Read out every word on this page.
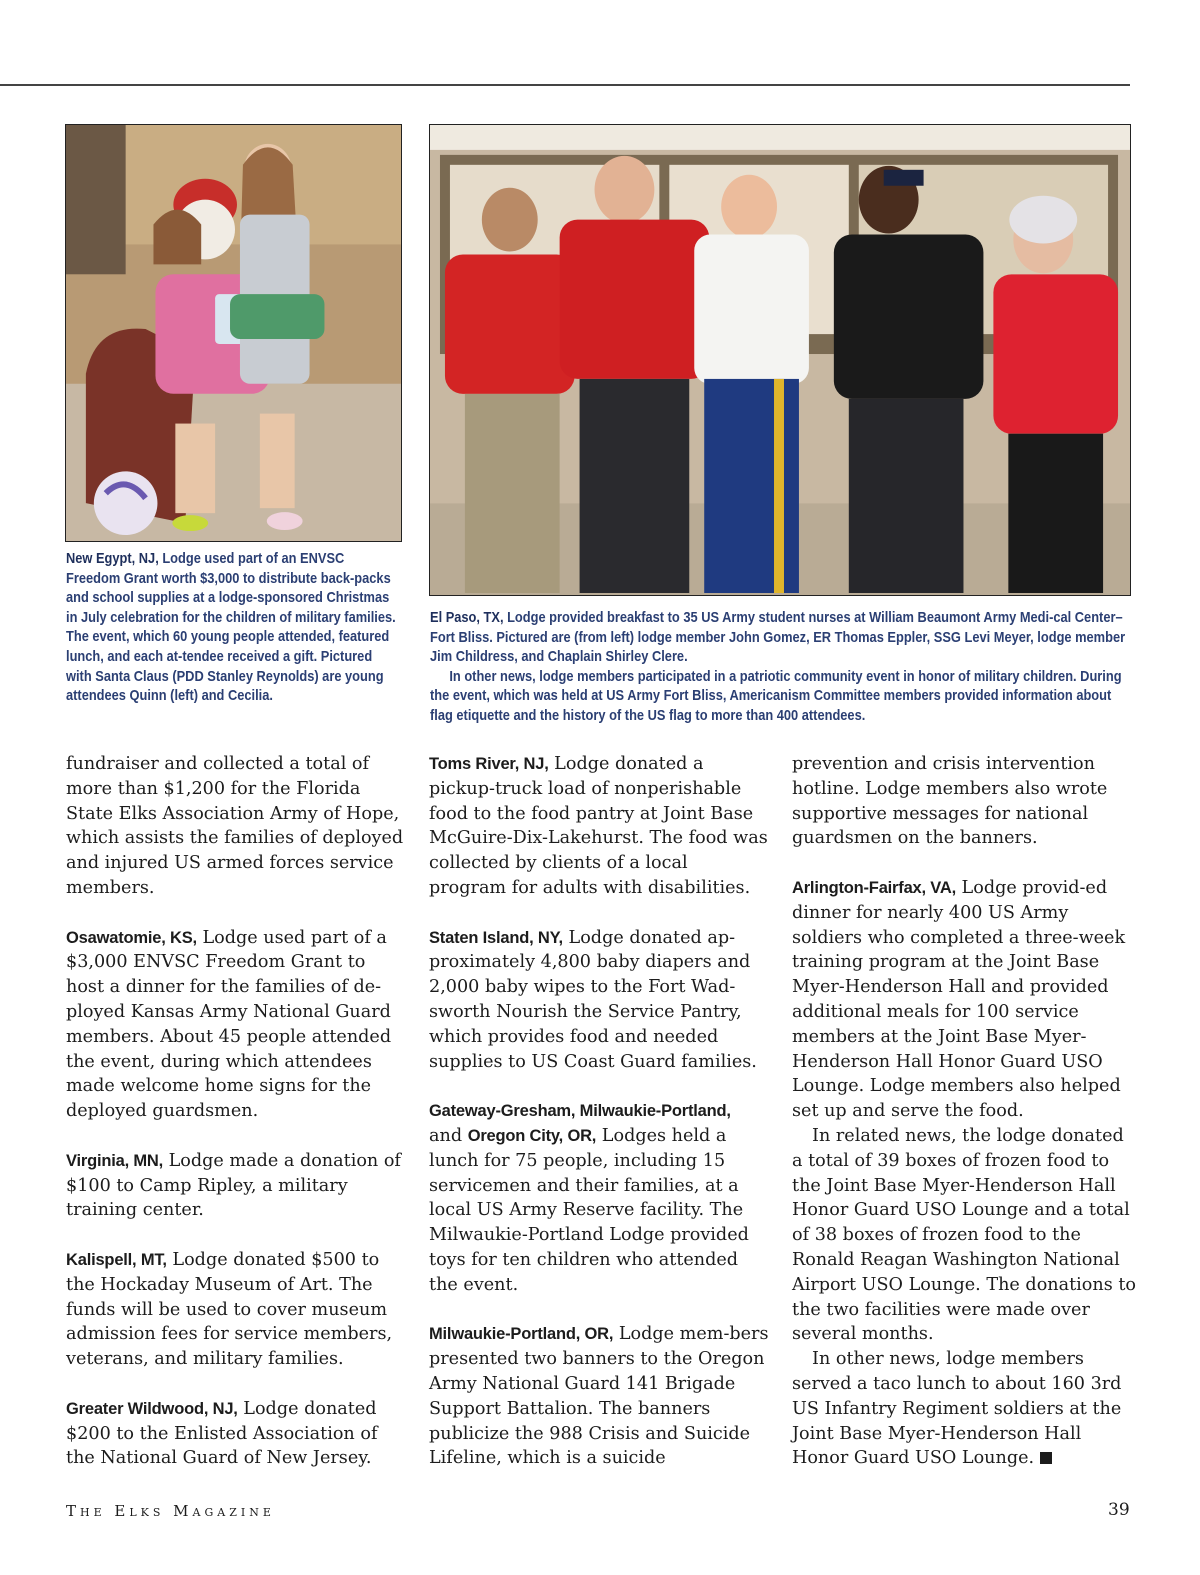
New Egypt, NJ, Lodge used part of an ENVSC Freedom Grant worth $3,000 to distribute back-packs and school supplies at a lodge-sponsored Christmas in July celebration for the children of military families. The event, which 60 young people attended, featured lunch, and each at-tendee received a gift. Pictured with Santa Claus (PDD Stanley Reynolds) are young attendees Quinn (left) and Cecilia.

El Paso, TX, Lodge provided breakfast to 35 US Army student nurses at William Beaumont Army Medi-cal Center–Fort Bliss. Pictured are (from left) lodge member John Gomez, ER Thomas Eppler, SSG Levi Meyer, lodge member Jim Childress, and Chaplain Shirley Clere.

In other news, lodge members participated in a patriotic community event in honor of military children. During the event, which was held at US Army Fort Bliss, Americanism Committee members provided information about flag etiquette and the history of the US flag to more than 400 attendees.

fundraiser and collected a total of more than $1,200 for the Florida State Elks Association Army of Hope, which assists the families of deployed and injured US armed forces service members.

Osawatomie, KS, Lodge used part of a $3,000 ENVSC Freedom Grant to host a dinner for the families of de-ployed Kansas Army National Guard members. About 45 people attended the event, during which attendees made welcome home signs for the deployed guardsmen.

Virginia, MN, Lodge made a donation of $100 to Camp Ripley, a military training center.

Kalispell, MT, Lodge donated $500 to the Hockaday Museum of Art. The funds will be used to cover museum admission fees for service members, veterans, and military families.

Greater Wildwood, NJ, Lodge donated $200 to the Enlisted Association of the National Guard of New Jersey.

Toms River, NJ, Lodge donated a pickup-truck load of nonperishable food to the food pantry at Joint Base McGuire-Dix-Lakehurst. The food was collected by clients of a local program for adults with disabilities.

Staten Island, NY, Lodge donated ap-proximately 4,800 baby diapers and 2,000 baby wipes to the Fort Wad-sworth Nourish the Service Pantry, which provides food and needed supplies to US Coast Guard families.

Gateway-Gresham, Milwaukie-Portland, and Oregon City, OR, Lodges held a lunch for 75 people, including 15 servicemen and their families, at a local US Army Reserve facility. The Milwaukie-Portland Lodge provided toys for ten children who attended the event.

Milwaukie-Portland, OR, Lodge mem-bers presented two banners to the Oregon Army National Guard 141 Brigade Support Battalion. The banners publicize the 988 Crisis and Suicide Lifeline, which is a suicide

prevention and crisis intervention hotline. Lodge members also wrote supportive messages for national guardsmen on the banners.

Arlington-Fairfax, VA, Lodge provid-ed dinner for nearly 400 US Army soldiers who completed a three-week training program at the Joint Base Myer-Henderson Hall and provided additional meals for 100 service members at the Joint Base Myer-Henderson Hall Honor Guard USO Lounge. Lodge members also helped set up and serve the food.

In related news, the lodge donated a total of 39 boxes of frozen food to the Joint Base Myer-Henderson Hall Honor Guard USO Lounge and a total of 38 boxes of frozen food to the Ronald Reagan Washington National Airport USO Lounge. The donations to the two facilities were made over several months.

In other news, lodge members served a taco lunch to about 160 3rd US Infantry Regiment soldiers at the Joint Base Myer-Henderson Hall Honor Guard USO Lounge.

The Elks Magazine	39
